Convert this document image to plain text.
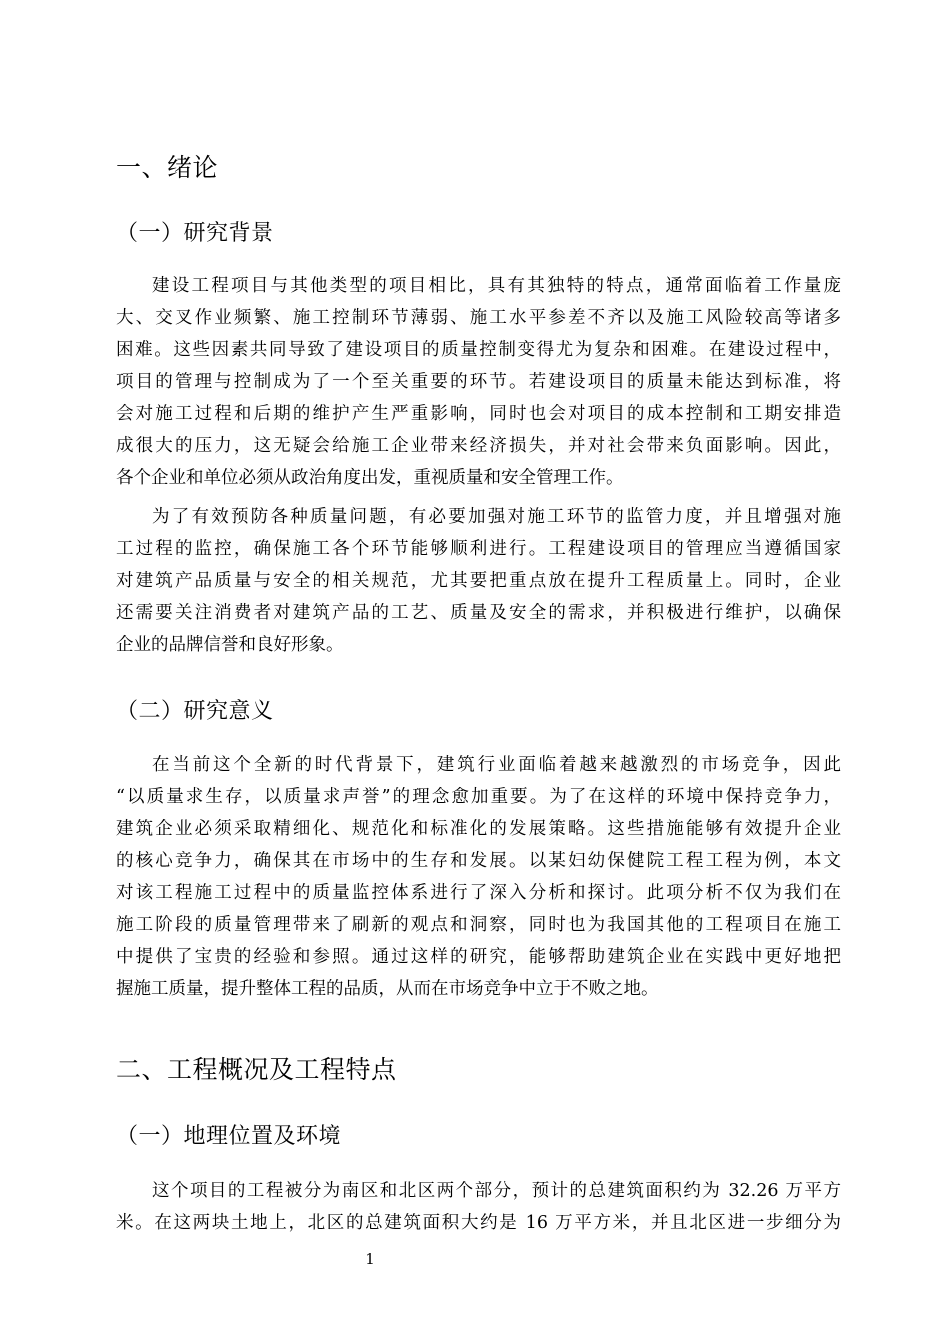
一、绪论
（一）研究背景
建设工程项目与其他类型的项目相比，具有其独特的特点，通常面临着工作量庞
大、交叉作业频繁、施工控制环节薄弱、施工水平参差不齐以及施工风险较高等诸多
困难。这些因素共同导致了建设项目的质量控制变得尤为复杂和困难。在建设过程中，
项目的管理与控制成为了一个至关重要的环节。若建设项目的质量未能达到标准，将
会对施工过程和后期的维护产生严重影响，同时也会对项目的成本控制和工期安排造
成很大的压力，这无疑会给施工企业带来经济损失，并对社会带来负面影响。因此，
各个企业和单位必须从政治角度出发，重视质量和安全管理工作。
为了有效预防各种质量问题，有必要加强对施工环节的监管力度，并且增强对施
工过程的监控，确保施工各个环节能够顺利进行。工程建设项目的管理应当遵循国家
对建筑产品质量与安全的相关规范，尤其要把重点放在提升工程质量上。同时，企业
还需要关注消费者对建筑产品的工艺、质量及安全的需求，并积极进行维护，以确保
企业的品牌信誉和良好形象。
（二）研究意义
在当前这个全新的时代背景下，建筑行业面临着越来越激烈的市场竞争，因此
“以质量求生存，以质量求声誉”的理念愈加重要。为了在这样的环境中保持竞争力，
建筑企业必须采取精细化、规范化和标准化的发展策略。这些措施能够有效提升企业
的核心竞争力，确保其在市场中的生存和发展。以某妇幼保健院工程工程为例，本文
对该工程施工过程中的质量监控体系进行了深入分析和探讨。此项分析不仅为我们在
施工阶段的质量管理带来了刷新的观点和洞察，同时也为我国其他的工程项目在施工
中提供了宝贵的经验和参照。通过这样的研究，能够帮助建筑企业在实践中更好地把
握施工质量，提升整体工程的品质，从而在市场竞争中立于不败之地。
二、工程概况及工程特点
（一）地理位置及环境
这个项目的工程被分为南区和北区两个部分，预计的总建筑面积约为 32.26 万平方
米。在这两块土地上，北区的总建筑面积大约是 16 万平方米，并且北区进一步细分为
1
